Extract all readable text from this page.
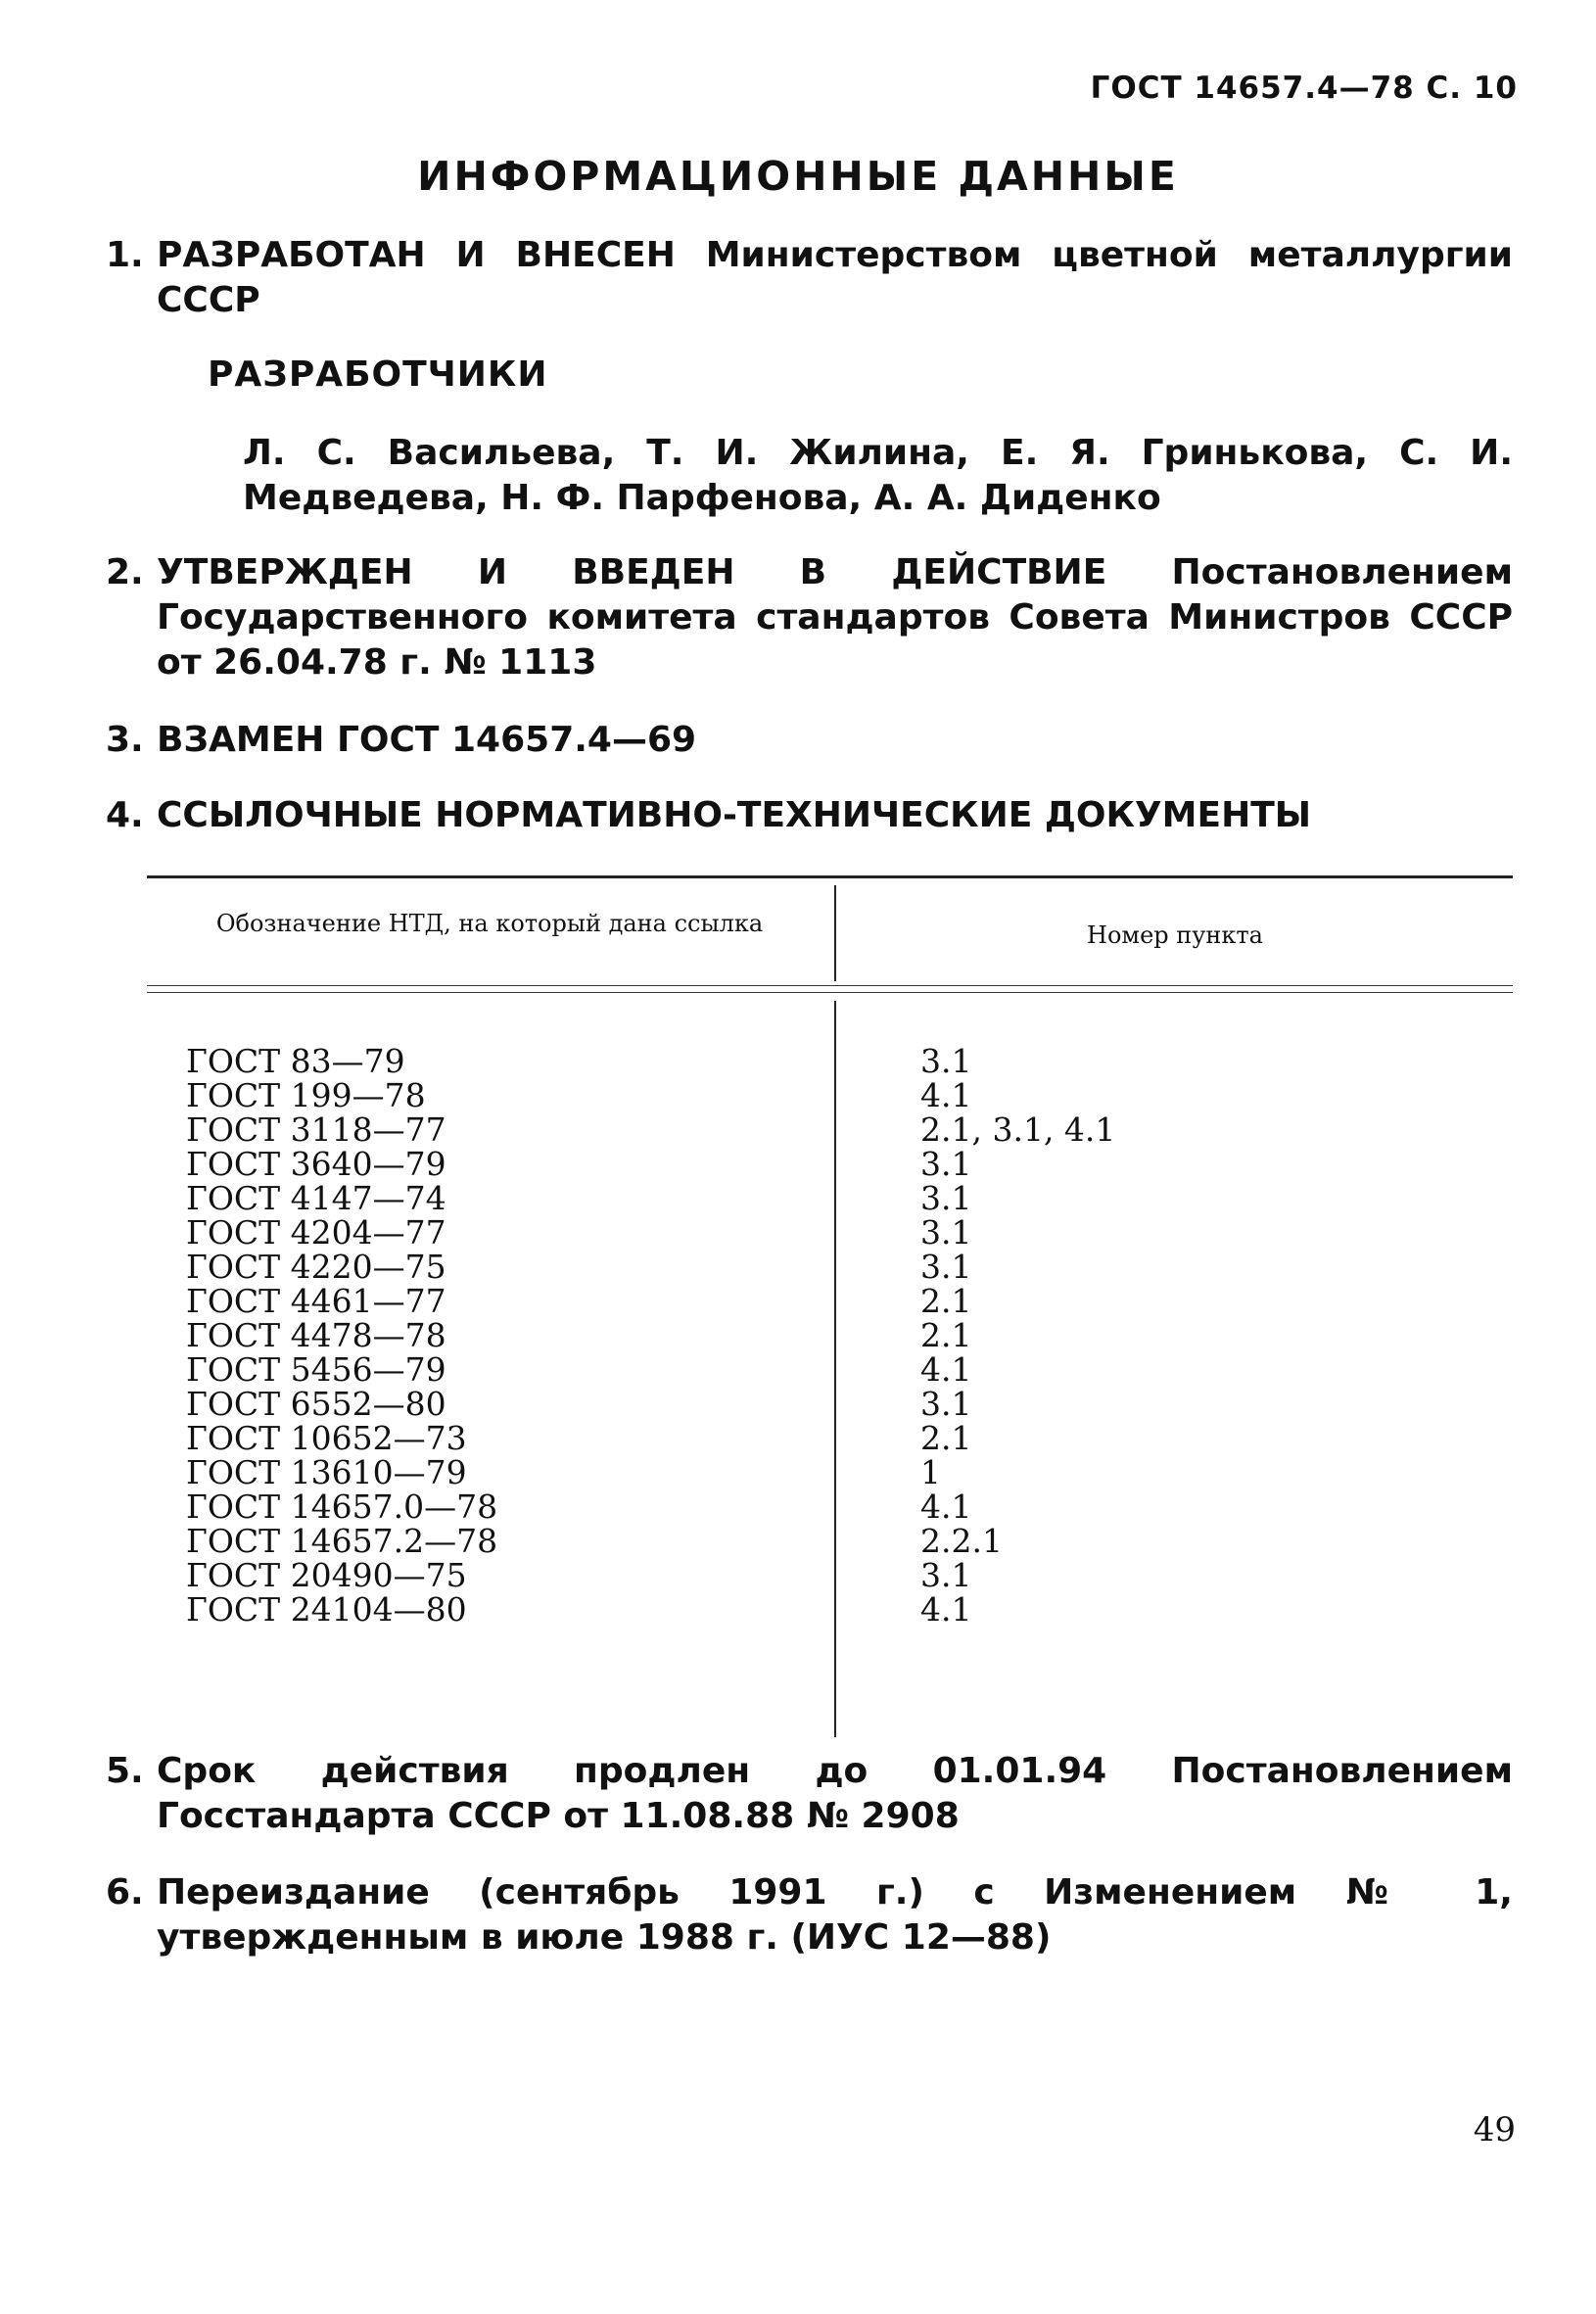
ГОСТ 14657.4—78 С. 10
ИНФОРМАЦИОННЫЕ ДАННЫЕ
1. РАЗРАБОТАН И ВНЕСЕН Министерством цветной металлургии СССР
РАЗРАБОТЧИКИ
Л. С. Васильева, Т. И. Жилина, Е. Я. Гринькова, С. И. Медведева, Н. Ф. Парфенова, А. А. Диденко
2. УТВЕРЖДЕН И ВВЕДЕН В ДЕЙСТВИЕ Постановлением Государственного комитета стандартов Совета Министров СССР от 26.04.78 г. № 1113
3. ВЗАМЕН ГОСТ 14657.4—69
4. ССЫЛОЧНЫЕ НОРМАТИВНО-ТЕХНИЧЕСКИЕ ДОКУМЕНТЫ
Обозначение НТД, на который дана ссылка	Номер пункта
ГОСТ 83—79
ГОСТ 199—78
ГОСТ 3118—77
ГОСТ 3640—79
ГОСТ 4147—74
ГОСТ 4204—77
ГОСТ 4220—75
ГОСТ 4461—77
ГОСТ 4478—78
ГОСТ 5456—79
ГОСТ 6552—80
ГОСТ 10652—73
ГОСТ 13610—79
ГОСТ 14657.0—78
ГОСТ 14657.2—78
ГОСТ 20490—75
ГОСТ 24104—80
3.1
4.1
2.1, 3.1, 4.1
3.1
3.1
3.1
3.1
2.1
2.1
4.1
3.1
2.1
1
4.1
2.2.1
3.1
4.1
5. Срок действия продлен до 01.01.94 Постановлением Госстандарта СССР от 11.08.88 № 2908
6. Переиздание (сентябрь 1991 г.) с Изменением № 1, утвержденным в июле 1988 г. (ИУС 12—88)
49
